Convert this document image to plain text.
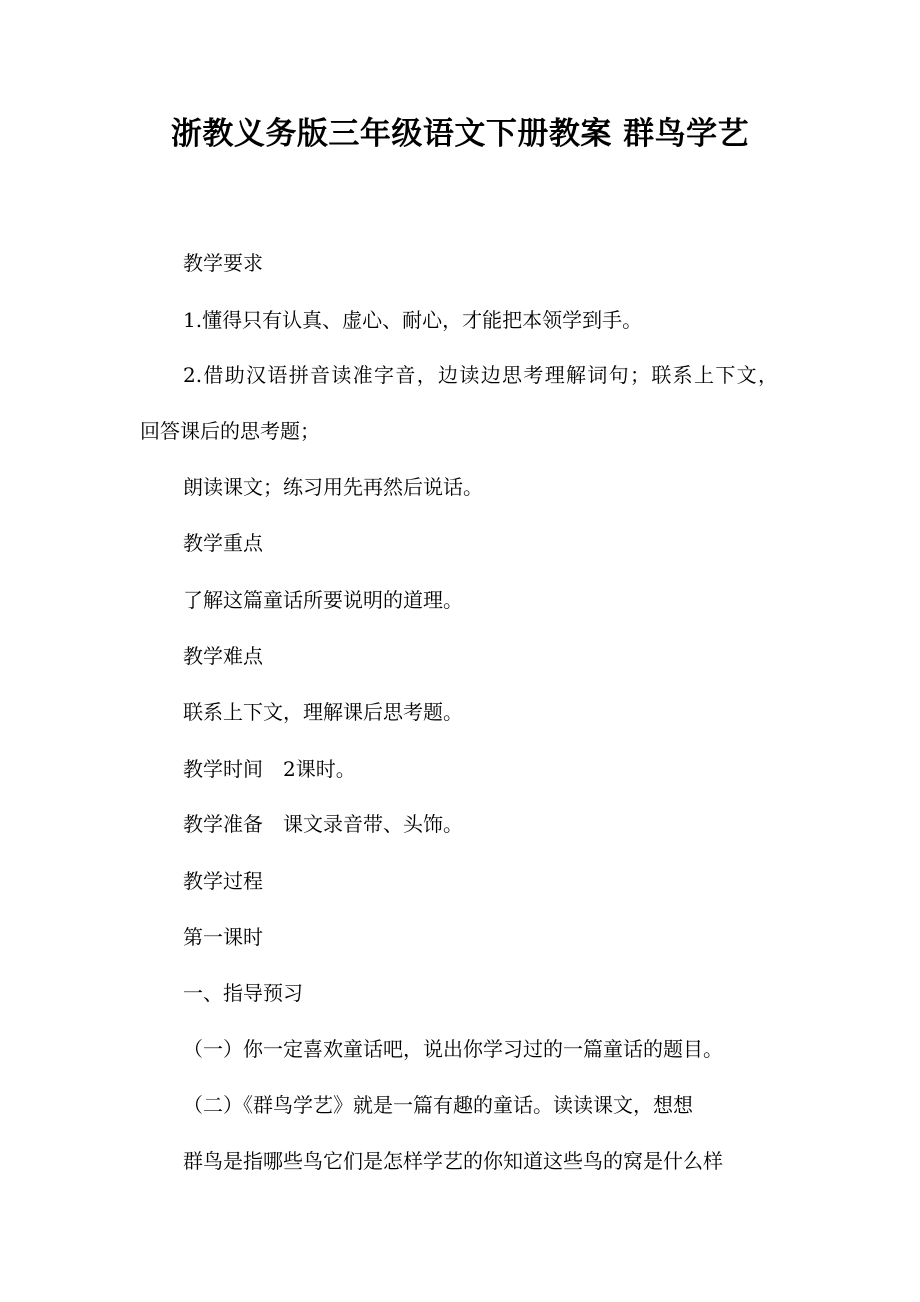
浙教义务版三年级语文下册教案 群鸟学艺
教学要求
1.懂得只有认真、虚心、耐心，才能把本领学到手。
2.借助汉语拼音读准字音，边读边思考理解词句；联系上下文，
回答课后的思考题；
朗读课文；练习用先再然后说话。
教学重点
了解这篇童话所要说明的道理。
教学难点
联系上下文，理解课后思考题。
教学时间　2课时。
教学准备　课文录音带、头饰。
教学过程
第一课时
一、指导预习
（一）你一定喜欢童话吧，说出你学习过的一篇童话的题目。
（二）《群鸟学艺》就是一篇有趣的童话。读读课文，想想
群鸟是指哪些鸟它们是怎样学艺的你知道这些鸟的窝是什么样
